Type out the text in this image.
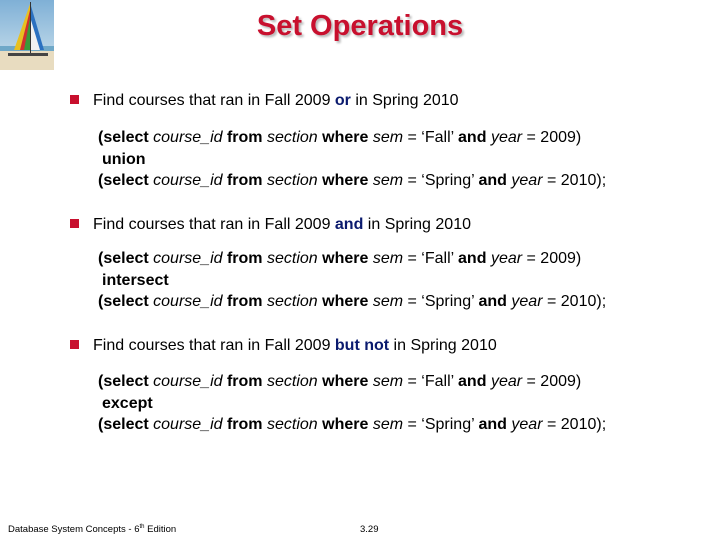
Set Operations
Find courses that ran in Fall 2009 or in Spring 2010
(select course_id from section where sem = ‘Fall’ and year = 2009)
union
(select course_id from section where sem = ‘Spring’ and year = 2010);
Find courses that ran in Fall 2009 and in Spring 2010
(select course_id from section where sem = ‘Fall’ and year = 2009)
intersect
(select course_id from section where sem = ‘Spring’ and year = 2010);
Find courses that ran in Fall 2009 but not in Spring 2010
(select course_id from section where sem = ‘Fall’ and year = 2009)
except
(select course_id from section where sem = ‘Spring’ and year = 2010);
Database System Concepts - 6th Edition	3.29
